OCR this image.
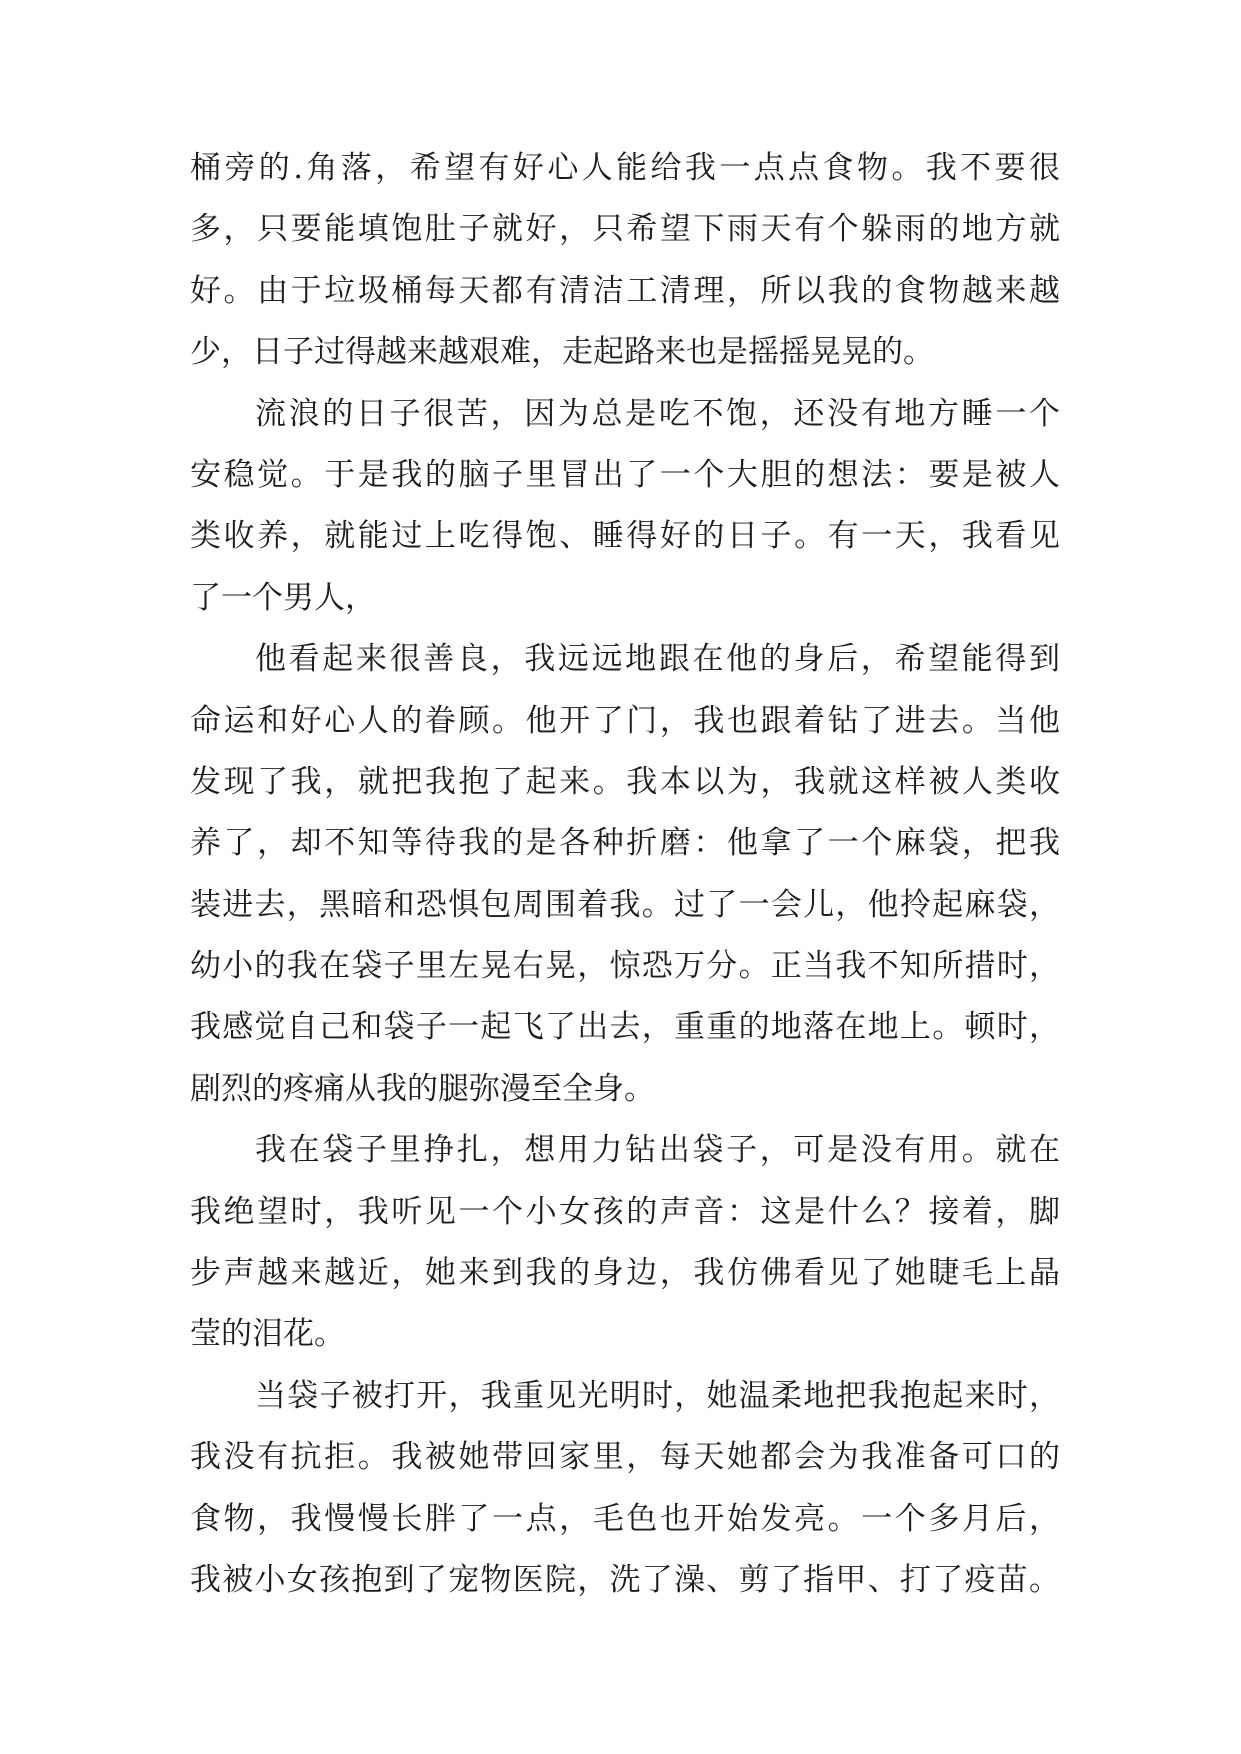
桶旁的.角落，希望有好心人能给我一点点食物。我不要很
多，只要能填饱肚子就好，只希望下雨天有个躲雨的地方就
好。由于垃圾桶每天都有清洁工清理，所以我的食物越来越
少，日子过得越来越艰难，走起路来也是摇摇晃晃的。
流浪的日子很苦，因为总是吃不饱，还没有地方睡一个
安稳觉。于是我的脑子里冒出了一个大胆的想法：要是被人
类收养，就能过上吃得饱、睡得好的日子。有一天，我看见
了一个男人，
他看起来很善良，我远远地跟在他的身后，希望能得到
命运和好心人的眷顾。他开了门，我也跟着钻了进去。当他
发现了我，就把我抱了起来。我本以为，我就这样被人类收
养了，却不知等待我的是各种折磨：他拿了一个麻袋，把我
装进去，黑暗和恐惧包周围着我。过了一会儿，他拎起麻袋，
幼小的我在袋子里左晃右晃，惊恐万分。正当我不知所措时，
我感觉自己和袋子一起飞了出去，重重的地落在地上。顿时，
剧烈的疼痛从我的腿弥漫至全身。
我在袋子里挣扎，想用力钻出袋子，可是没有用。就在
我绝望时，我听见一个小女孩的声音：这是什么？接着，脚
步声越来越近，她来到我的身边，我仿佛看见了她睫毛上晶
莹的泪花。
当袋子被打开，我重见光明时，她温柔地把我抱起来时，
我没有抗拒。我被她带回家里，每天她都会为我准备可口的
食物，我慢慢长胖了一点，毛色也开始发亮。一个多月后，
我被小女孩抱到了宠物医院，洗了澡、剪了指甲、打了疫苗。
